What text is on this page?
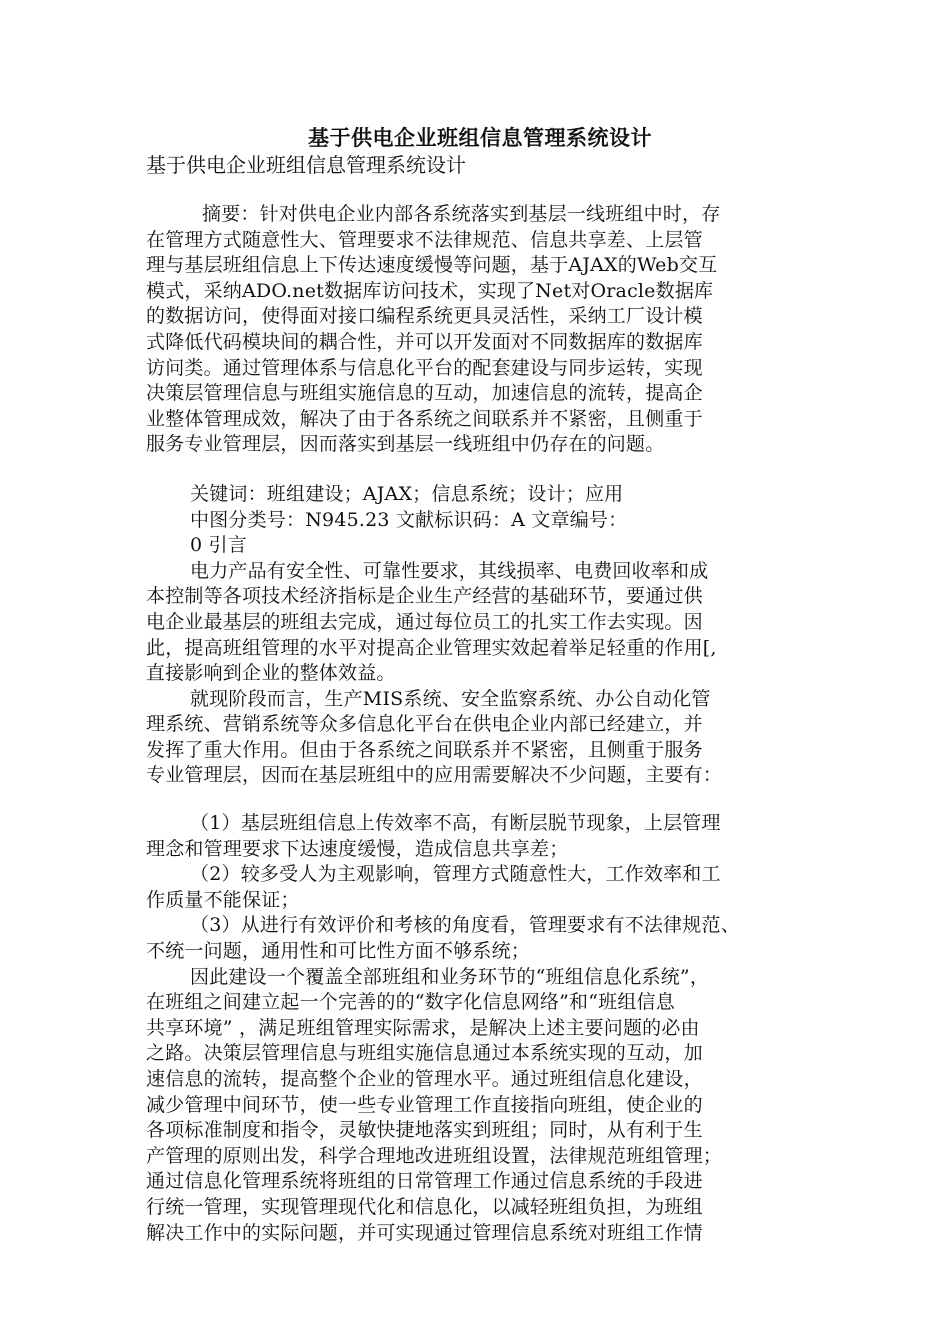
基于供电企业班组信息管理系统设计
基于供电企业班组信息管理系统设计

摘要：针对供电企业内部各系统落实到基层一线班组中时，存

在管理方式随意性大、管理要求不法律规范、信息共享差、上层管

理与基层班组信息上下传达速度缓慢等问题，基于AJAX的Web交互

模式，采纳ADO.net数据库访问技术，实现了Net对Oracle数据库

的数据访问，使得面对接口编程系统更具灵活性，采纳工厂设计模

式降低代码模块间的耦合性，并可以开发面对不同数据库的数据库

访问类。通过管理体系与信息化平台的配套建设与同步运转，实现

决策层管理信息与班组实施信息的互动，加速信息的流转，提高企

业整体管理成效，解决了由于各系统之间联系并不紧密，且侧重于

服务专业管理层，因而落实到基层一线班组中仍存在的问题。

关键词：班组建设；AJAX；信息系统；设计；应用

中图分类号：N945.23 文献标识码：A 文章编号：

0 引言

电力产品有安全性、可靠性要求，其线损率、电费回收率和成

本控制等各项技术经济指标是企业生产经营的基础环节，要通过供

电企业最基层的班组去完成，通过每位员工的扎实工作去实现。因

此，提高班组管理的水平对提高企业管理实效起着举足轻重的作用[,

直接影响到企业的整体效益。

就现阶段而言，生产MIS系统、安全监察系统、办公自动化管

理系统、营销系统等众多信息化平台在供电企业内部已经建立，并

发挥了重大作用。但由于各系统之间联系并不紧密，且侧重于服务

专业管理层，因而在基层班组中的应用需要解决不少问题，主要有：

（1）基层班组信息上传效率不高，有断层脱节现象，上层管理

理念和管理要求下达速度缓慢，造成信息共享差；

（2）较多受人为主观影响，管理方式随意性大，工作效率和工

作质量不能保证；

（3）从进行有效评价和考核的角度看，管理要求有不法律规范、

不统一问题，通用性和可比性方面不够系统；

因此建设一个覆盖全部班组和业务环节的“班组信息化系统”，

在班组之间建立起一个完善的的“数字化信息网络”和“班组信息

共享环境” ，满足班组管理实际需求，是解决上述主要问题的必由

之路。决策层管理信息与班组实施信息通过本系统实现的互动，加

速信息的流转，提高整个企业的管理水平。通过班组信息化建设，

减少管理中间环节，使一些专业管理工作直接指向班组，使企业的

各项标准制度和指令，灵敏快捷地落实到班组；同时，从有利于生

产管理的原则出发，科学合理地改进班组设置，法律规范班组管理；

通过信息化管理系统将班组的日常管理工作通过信息系统的手段进

行统一管理，实现管理现代化和信息化，以减轻班组负担，为班组

解决工作中的实际问题，并可实现通过管理信息系统对班组工作情
